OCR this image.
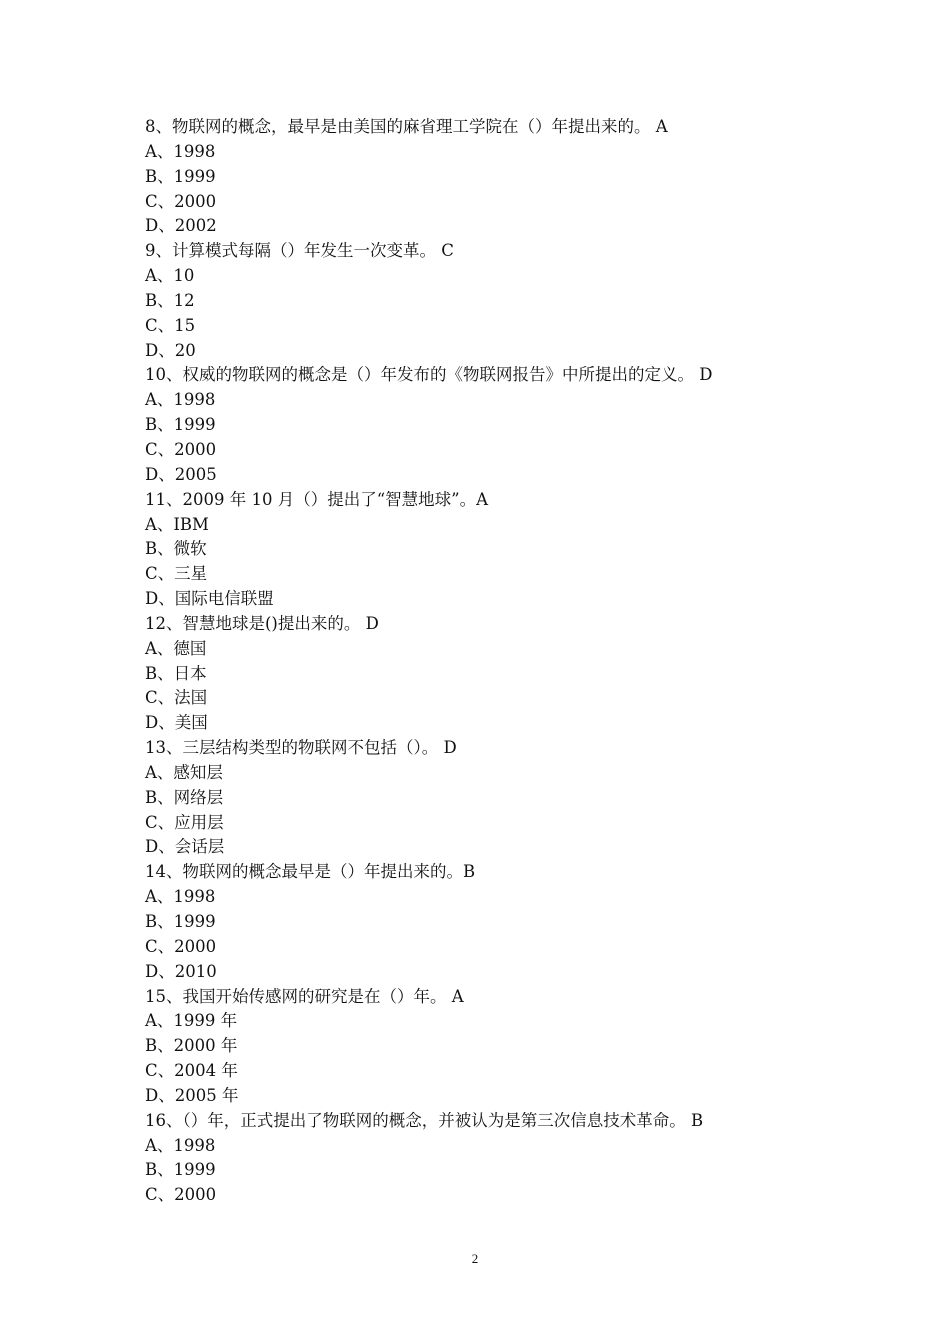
8、物联网的概念，最早是由美国的麻省理工学院在（）年提出来的。 A
A、1998
B、1999
C、2000
D、2002
9、计算模式每隔（）年发生一次变革。 C
A、10
B、12
C、15
D、20
10、权威的物联网的概念是（）年发布的《物联网报告》中所提出的定义。 D
A、1998
B、1999
C、2000
D、2005
11、2009 年 10 月（）提出了“智慧地球”。A
A、IBM
B、微软
C、三星
D、国际电信联盟
12、智慧地球是()提出来的。 D
A、德国
B、日本
C、法国
D、美国
13、三层结构类型的物联网不包括（）。 D
A、感知层
B、网络层
C、应用层
D、会话层
14、物联网的概念最早是（）年提出来的。B
A、1998
B、1999
C、2000
D、2010
15、我国开始传感网的研究是在（）年。 A
A、1999 年
B、2000 年
C、2004 年
D、2005 年
16、（）年，正式提出了物联网的概念，并被认为是第三次信息技术革命。 B
A、1998
B、1999
C、2000
2
